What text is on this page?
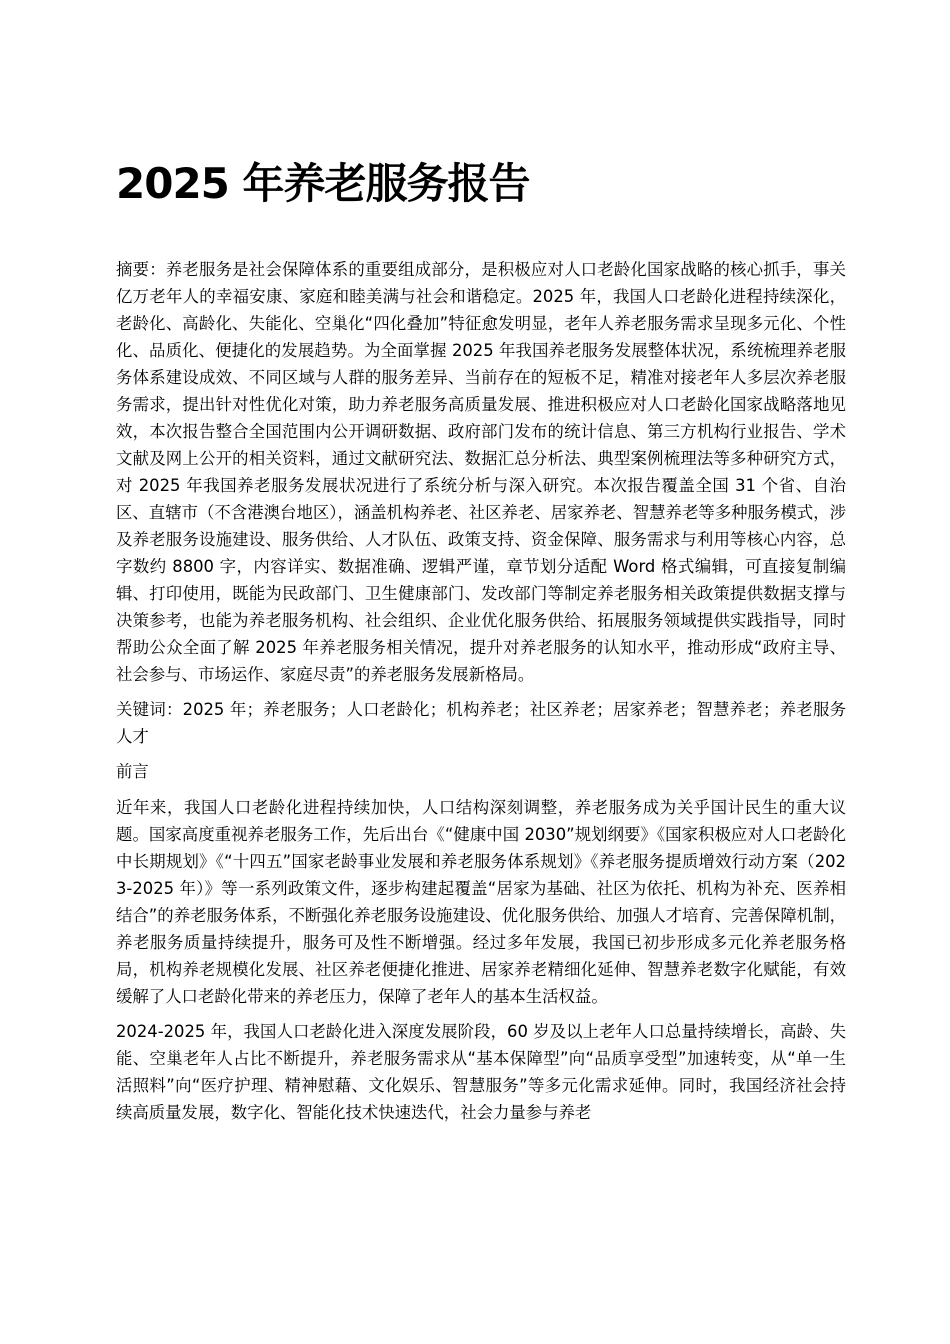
2025 年养老服务报告

摘要：养老服务是社会保障体系的重要组成部分，是积极应对人口老龄化国家战略的核心抓手，事关亿万老年人的幸福安康、家庭和睦美满与社会和谐稳定。2025 年，我国人口老龄化进程持续深化，老龄化、高龄化、失能化、空巢化“四化叠加”特征愈发明显，老年人养老服务需求呈现多元化、个性化、品质化、便捷化的发展趋势。为全面掌握 2025 年我国养老服务发展整体状况，系统梳理养老服务体系建设成效、不同区域与人群的服务差异、当前存在的短板不足，精准对接老年人多层次养老服务需求，提出针对性优化对策，助力养老服务高质量发展、推进积极应对人口老龄化国家战略落地见效，本次报告整合全国范围内公开调研数据、政府部门发布的统计信息、第三方机构行业报告、学术文献及网上公开的相关资料，通过文献研究法、数据汇总分析法、典型案例梳理法等多种研究方式，对 2025 年我国养老服务发展状况进行了系统分析与深入研究。本次报告覆盖全国 31 个省、自治区、直辖市（不含港澳台地区），涵盖机构养老、社区养老、居家养老、智慧养老等多种服务模式，涉及养老服务设施建设、服务供给、人才队伍、政策支持、资金保障、服务需求与利用等核心内容，总字数约 8800 字，内容详实、数据准确、逻辑严谨，章节划分适配 Word 格式编辑，可直接复制编辑、打印使用，既能为民政部门、卫生健康部门、发改部门等制定养老服务相关政策提供数据支撑与决策参考，也能为养老服务机构、社会组织、企业优化服务供给、拓展服务领域提供实践指导，同时帮助公众全面了解 2025 年养老服务相关情况，提升对养老服务的认知水平，推动形成“政府主导、社会参与、市场运作、家庭尽责”的养老服务发展新格局。

关键词：2025 年；养老服务；人口老龄化；机构养老；社区养老；居家养老；智慧养老；养老服务人才

前言

近年来，我国人口老龄化进程持续加快，人口结构深刻调整，养老服务成为关乎国计民生的重大议题。国家高度重视养老服务工作，先后出台《“健康中国 2030”规划纲要》《国家积极应对人口老龄化中长期规划》《“十四五”国家老龄事业发展和养老服务体系规划》《养老服务提质增效行动方案（2023-2025 年）》等一系列政策文件，逐步构建起覆盖“居家为基础、社区为依托、机构为补充、医养相结合”的养老服务体系，不断强化养老服务设施建设、优化服务供给、加强人才培育、完善保障机制，养老服务质量持续提升，服务可及性不断增强。经过多年发展，我国已初步形成多元化养老服务格局，机构养老规模化发展、社区养老便捷化推进、居家养老精细化延伸、智慧养老数字化赋能，有效缓解了人口老龄化带来的养老压力，保障了老年人的基本生活权益。

2024-2025 年，我国人口老龄化进入深度发展阶段，60 岁及以上老年人口总量持续增长，高龄、失能、空巢老年人占比不断提升，养老服务需求从“基本保障型”向“品质享受型”加速转变，从“单一生活照料”向“医疗护理、精神慰藉、文化娱乐、智慧服务”等多元化需求延伸。同时，我国经济社会持续高质量发展，数字化、智能化技术快速迭代，社会力量参与养老
